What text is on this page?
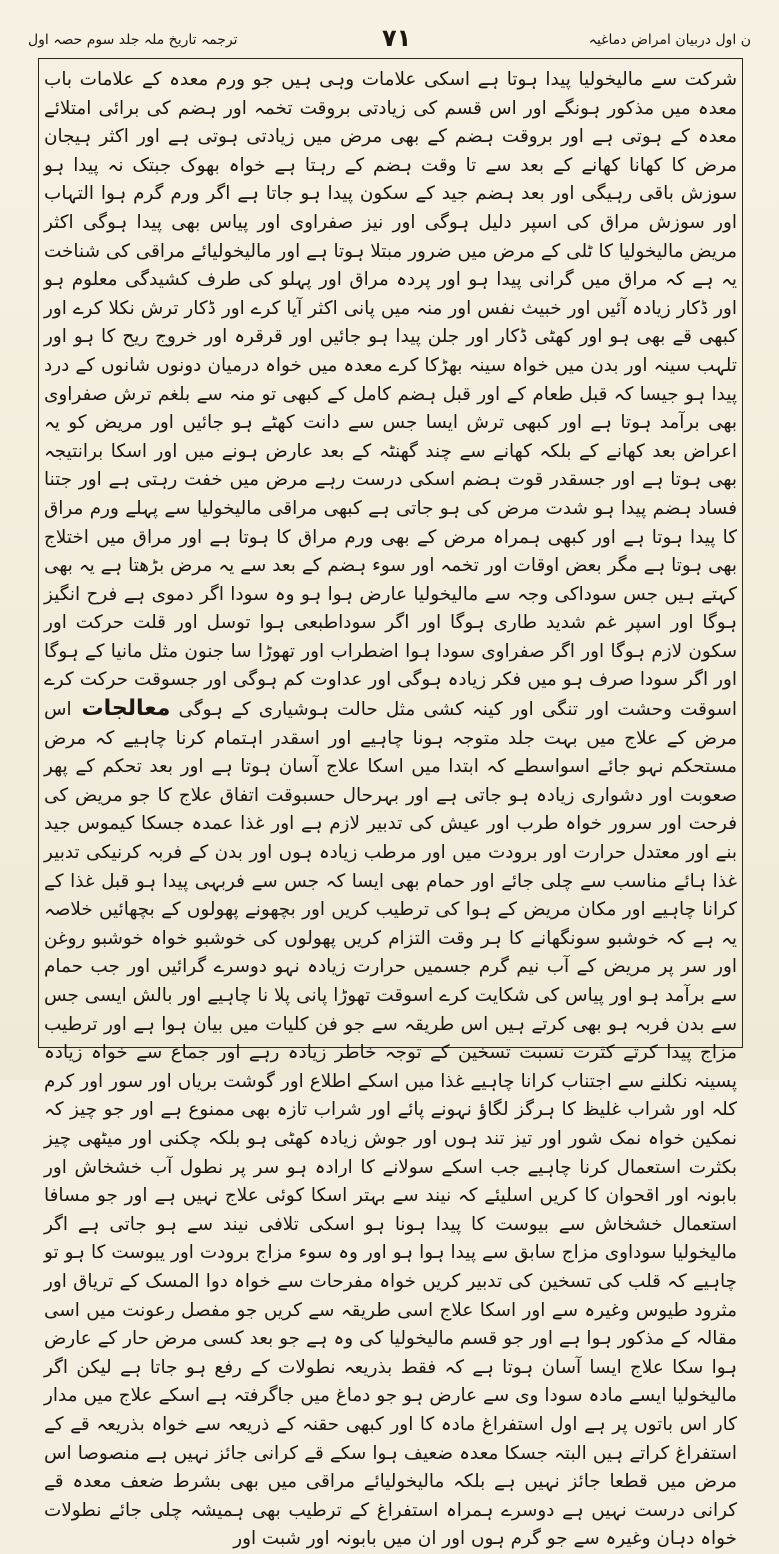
ن اول دربیان امراض دماغیہ
۷۱
ترجمہ تاریخ ملہ جلد سوم حصہ اول
شرکت سے مالیخولیا پیدا ہوتا ہے اسکی علامات وہی ہیں جو ورم معدہ کے علامات باب معدہ میں مذکور ہونگے اور اس قسم کی زیادتی بروقت تخمہ اور ہضم کی برائی امتلائے معدہ کے ہوتی ہے اور بروقت ہضم کے بھی مرض میں زیادتی ہوتی ہے اور اکثر ہیجان مرض کا کھانا کھانے کے بعد سے تا وقت ہضم کے رہتا ہے خواہ بھوک جبتک نہ پیدا ہو سوزش باقی رہیگی اور بعد ہضم جید کے سکون پیدا ہو جاتا ہے اگر ورم گرم ہوا التہاب اور سوزش مراق کی اسپر دلیل ہوگی اور نیز صفراوی اور پیاس بھی پیدا ہوگی اکثر مریض مالیخولیا کا ٹلی کے مرض میں ضرور مبتلا ہوتا ہے اور مالیخولیائے مراقی کی شناخت یہ ہے کہ مراق میں گرانی پیدا ہو اور پردہ مراق اور پہلو کی طرف کشیدگی معلوم ہو اور ڈکار زیادہ آئیں اور خبیث نفس اور منہ میں پانی اکثر آیا کرے اور ڈکار ترش نکلا کرے اور کبھی قے بھی ہو اور کھٹی ڈکار اور جلن پیدا ہو جائیں اور قرقرہ اور خروج ریح کا ہو اور تلہب سینہ اور بدن میں خواہ سینہ بھڑکا کرے معدہ میں خواہ درمیان دونوں شانوں کے درد پیدا ہو جیسا کہ قبل طعام کے اور قبل ہضم کامل کے کبھی تو منہ سے بلغم ترش صفراوی بھی برآمد ہوتا ہے اور کبھی ترش ایسا جس سے دانت کھٹے ہو جائیں اور مریض کو یہ اعراض بعد کھانے کے بلکہ کھانے سے چند گھنٹہ کے بعد عارض ہونے میں اور اسکا برانتیجہ بھی ہوتا ہے اور جسقدر قوت ہضم اسکی درست رہے مرض میں خفت رہتی ہے اور جتنا فساد ہضم پیدا ہو شدت مرض کی ہو جاتی ہے کبھی مراقی مالیخولیا سے پہلے ورم مراق کا پیدا ہوتا ہے اور کبھی ہمراہ مرض کے بھی ورم مراق کا ہوتا ہے اور مراق میں اختلاج بھی ہوتا ہے مگر بعض اوقات اور تخمہ اور سوء ہضم کے بعد سے یہ مرض بڑھتا ہے یہ بھی کہتے ہیں جس سوداکی وجہ سے مالیخولیا عارض ہوا ہو وہ سودا اگر دموی ہے فرح انگیز ہوگا اور اسپر غم شدید طاری ہوگا اور اگر سوداطبعی ہوا توسل اور قلت حرکت اور سکون لازم ہوگا اور اگر صفراوی سودا ہوا اضطراب اور تھوڑا سا جنون مثل مانیا کے ہوگا اور اگر سودا صرف ہو میں فکر زیادہ ہوگی اور عداوت کم ہوگی اور جسوقت حرکت کرے اسوقت وحشت اور تنگی اور کینہ کشی مثل حالت ہوشیاری کے ہوگی معالجات اس مرض کے علاج میں بہت جلد متوجہ ہونا چاہیے اور اسقدر اہتمام کرنا چاہیے کہ مرض مستحکم نہو جائے اسواسطے کہ ابتدا میں اسکا علاج آسان ہوتا ہے اور بعد تحکم کے پھر صعوبت اور دشواری زیادہ ہو جاتی ہے اور بہرحال حسبوقت اتفاق علاج کا جو مریض کی فرحت اور سرور خواہ طرب اور عیش کی تدبیر لازم ہے اور غذا عمدہ جسکا کیموس جید بنے اور معتدل حرارت اور برودت میں اور مرطب زیادہ ہوں اور بدن کے فربہ کرنیکی تدبیر غذا ہائے مناسب سے چلی جائے اور حمام بھی ایسا کہ جس سے فربہی پیدا ہو قبل غذا کے کرانا چاہیے اور مکان مریض کے ہوا کی ترطیب کریں اور بچھونے پھولوں کے بچھائیں خلاصہ یہ ہے کہ خوشبو سونگھانے کا ہر وقت التزام کریں پھولوں کی خوشبو خواہ خوشبو روغن اور سر پر مریض کے آب نیم گرم جسمیں حرارت زیادہ نہو دوسرے گرائیں اور جب حمام سے برآمد ہو اور پیاس کی شکایت کرے اسوقت تھوڑا پانی پلا نا چاہیے اور بالش ایسی جس سے بدن فربہ ہو بھی کرتے ہیں اس طریقہ سے جو فن کلیات میں بیان ہوا ہے اور ترطیب مزاج پیدا کرتے کثرت نسبت تسخین کے توجہ خاطر زیادہ رہے اور جماع سے خواہ زیادہ پسینہ نکلنے سے اجتناب کرانا چاہیے غذا میں اسکے اطلاع اور گوشت بریاں اور سور اور کرم کلہ اور شراب غلیظ کا ہرگز لگاؤ نہونے پائے اور شراب تازہ بھی ممنوع ہے اور جو چیز کہ نمکین خواہ نمک شور اور تیز تند ہوں اور جوش زیادہ کھٹی ہو بلکہ چکنی اور میٹھی چیز بکثرت استعمال کرنا چاہیے جب اسکے سولانے کا ارادہ ہو سر پر نطول آب خشخاش اور بابونہ اور اقحوان کا کریں اسلیئے کہ نیند سے بہتر اسکا کوئی علاج نہیں ہے اور جو مسافا استعمال خشخاش سے بیوست کا پیدا ہونا ہو اسکی تلافی نیند سے ہو جاتی ہے اگر مالیخولیا سوداوی مزاج سابق سے پیدا ہوا ہو اور وہ سوء مزاج برودت اور یبوست کا ہو تو چاہیے کہ قلب کی تسخین کی تدبیر کریں خواہ مفرحات سے خواہ دوا المسک کے تریاق اور مثرود طیوس وغیرہ سے اور اسکا علاج اسی طریقہ سے کریں جو مفصل رعونت میں اسی مقالہ کے مذکور ہوا ہے اور جو قسم مالیخولیا کی وہ ہے جو بعد کسی مرض حار کے عارض ہوا سکا علاج ایسا آسان ہوتا ہے کہ فقط بذریعہ نطولات کے رفع ہو جاتا ہے لیکن اگر مالیخولیا ایسے مادہ سودا وی سے عارض ہو جو دماغ میں جاگرفتہ ہے اسکے علاج میں مدار کار اس باتوں پر ہے اول استفراغ مادہ کا اور کبھی حقنہ کے ذریعہ سے خواہ بذریعہ قے کے استفراغ کراتے ہیں البتہ جسکا معدہ ضعیف ہوا سکے قے کرانی جائز نہیں ہے منصوصا اس مرض میں قطعا جائز نہیں ہے بلکہ مالیخولیائے مراقی میں بھی بشرط ضعف معدہ قے کرانی درست نہیں ہے دوسرے ہمراہ استفراغ کے ترطیب بھی ہمیشہ چلی جائے نطولات خواہ دہان وغیرہ سے جو گرم ہوں اور ان میں بابونہ اور شبت اور
